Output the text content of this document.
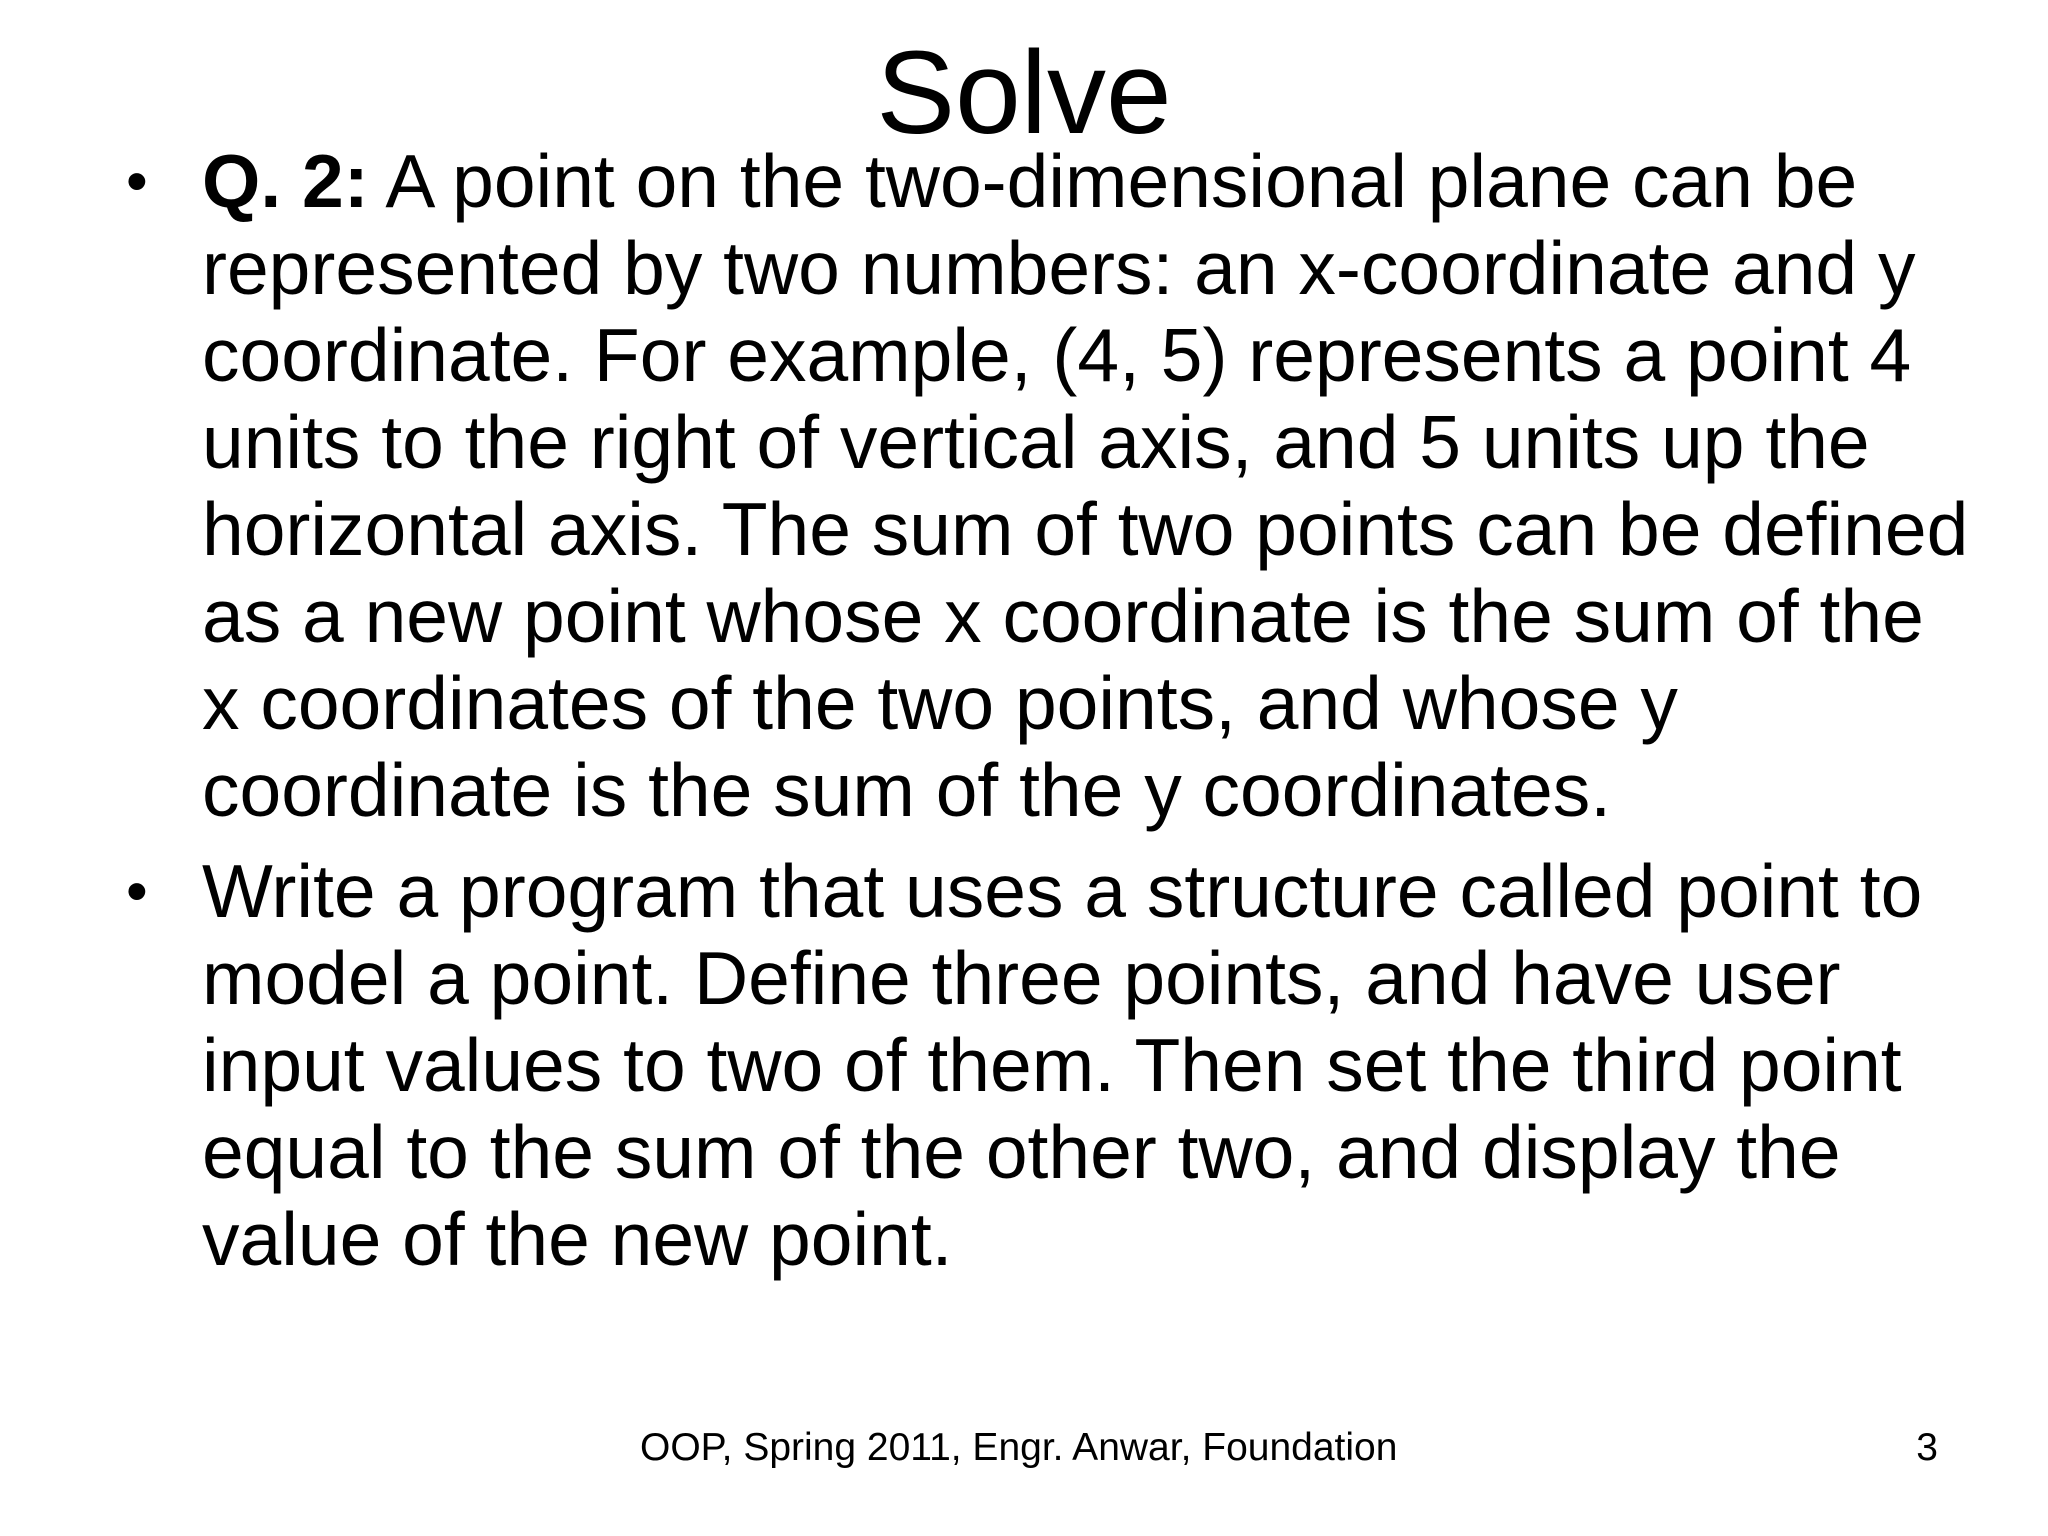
Solve
• Q. 2: A point on the two-dimensional plane can be represented by two numbers: an x-coordinate and y coordinate. For example, (4, 5) represents a point 4 units to the right of vertical axis, and 5 units up the horizontal axis. The sum of two points can be defined as a new point whose x coordinate is the sum of the x coordinates of the two points, and whose y coordinate is the sum of the y coordinates.
• Write a program that uses a structure called point to model a point. Define three points, and have user input values to two of them. Then set the third point equal to the sum of the other two, and display the value of the new point.
OOP, Spring 2011, Engr. Anwar, Foundation	3
